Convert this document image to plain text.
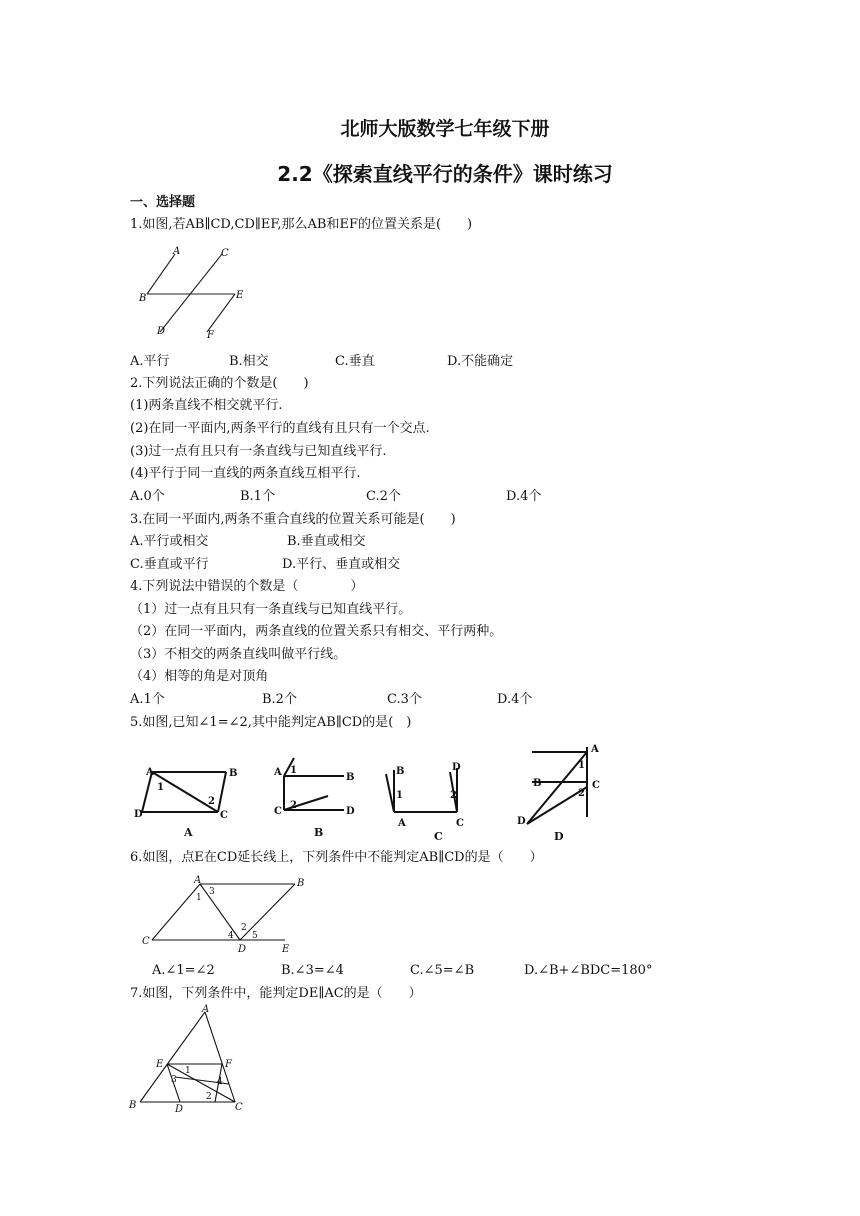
北师大版数学七年级下册
2.2《探索直线平行的条件》课时练习
一、选择题
1.如图,若AB∥CD,CD∥EF,那么AB和EF的位置关系是(　　)
A	C
B	E
D	F
A.平行	B.相交	C.垂直	D.不能确定
2.下列说法正确的个数是(　　)
(1)两条直线不相交就平行.
(2)在同一平面内,两条平行的直线有且只有一个交点.
(3)过一点有且只有一条直线与已知直线平行.
(4)平行于同一直线的两条直线互相平行.
A.0个	B.1个	C.2个	D.4个
3.在同一平面内,两条不重合直线的位置关系可能是(　　)
A.平行或相交	B.垂直或相交
C.垂直或平行	D.平行、垂直或相交
4.下列说法中错误的个数是（　　　　）
（1）过一点有且只有一条直线与已知直线平行。
（2）在同一平面内，两条直线的位置关系只有相交、平行两种。
（3）不相交的两条直线叫做平行线。
（4）相等的角是对顶角
A.1个	B.2个	C.3个	D.4个
5.如图,已知∠1=∠2,其中能判定AB∥CD的是(　)
A	B
D	C
1
2
A	B
C	D
1
2
B	D
A	C
1	2
A
B	C
D
1
2
A	B	C	D
6.如图，点E在CD延长线上，下列条件中不能判定AB∥CD的是（　　）
A	B
C
D	E
1
3
2
4 5
A.∠1=∠2	B.∠3=∠4	C.∠5=∠B	D.∠B+∠BDC=180°
7.如图，下列条件中，能判定DE∥AC的是（　　）
A
E	F
B	D	C
1
3	4
2
